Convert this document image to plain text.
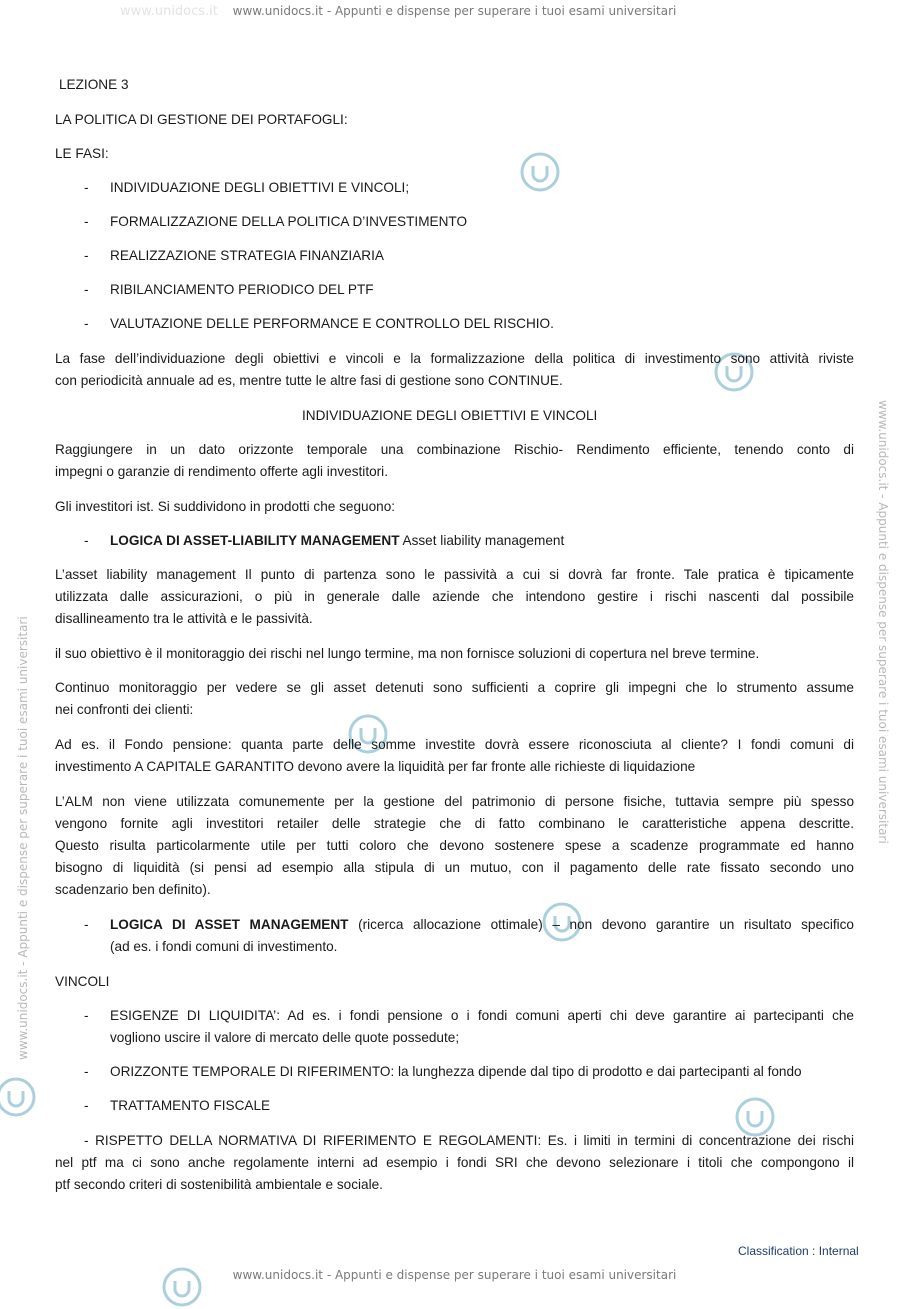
www.unidocs.it - Appunti e dispense per superare i tuoi esami universitari
www.unidocs.it - Appunti e dispense per superare i tuoi esami universitari
www.unidocs.it
www.unidocs.it - Appunti e dispense per superare i tuoi esami universitari	www.unidocs.it - Appunti e dispense per superare i tuoi esami universitari
LEZIONE 3
LA POLITICA DI GESTIONE DEI PORTAFOGLI:
LE FASI:
- INDIVIDUAZIONE DEGLI OBIETTIVI E VINCOLI;
- FORMALIZZAZIONE DELLA POLITICA D’INVESTIMENTO
- REALIZZAZIONE STRATEGIA FINANZIARIA
- RIBILANCIAMENTO PERIODICO DEL PTF
- VALUTAZIONE DELLE PERFORMANCE E CONTROLLO DEL RISCHIO.
La fase dell’individuazione degli obiettivi e vincoli e la formalizzazione della politica di investimento sono attività riviste
con periodicità annuale ad es, mentre tutte le altre fasi di gestione sono CONTINUE.
INDIVIDUAZIONE DEGLI OBIETTIVI E VINCOLI
Raggiungere in un dato orizzonte temporale una combinazione Rischio- Rendimento efficiente, tenendo conto di
impegni o garanzie di rendimento offerte agli investitori.
Gli investitori ist. Si suddividono in prodotti che seguono:
- LOGICA DI ASSET-LIABILITY MANAGEMENT Asset liability management
L’asset liability management Il punto di partenza sono le passività a cui si dovrà far fronte. Tale pratica è tipicamente
utilizzata dalle assicurazioni, o più in generale dalle aziende che intendono gestire i rischi nascenti dal possibile
disallineamento tra le attività e le passività.
il suo obiettivo è il monitoraggio dei rischi nel lungo termine, ma non fornisce soluzioni di copertura nel breve termine.
Continuo monitoraggio per vedere se gli asset detenuti sono sufficienti a coprire gli impegni che lo strumento assume
nei confronti dei clienti:
Ad es. il Fondo pensione: quanta parte delle somme investite dovrà essere riconosciuta al cliente? I fondi comuni di
investimento A CAPITALE GARANTITO devono avere la liquidità per far fronte alle richieste di liquidazione
L’ALM non viene utilizzata comunemente per la gestione del patrimonio di persone fisiche, tuttavia sempre più spesso
vengono fornite agli investitori retailer delle strategie che di fatto combinano le caratteristiche appena descritte.
Questo risulta particolarmente utile per tutti coloro che devono sostenere spese a scadenze programmate ed hanno
bisogno di liquidità (si pensi ad esempio alla stipula di un mutuo, con il pagamento delle rate fissato secondo uno
scadenzario ben definito).
- LOGICA DI ASSET MANAGEMENT (ricerca allocazione ottimale) – non devono garantire un risultato specifico
(ad es. i fondi comuni di investimento.
VINCOLI
- ESIGENZE DI LIQUIDITA’: Ad es. i fondi pensione o i fondi comuni aperti chi deve garantire ai partecipanti che
vogliono uscire il valore di mercato delle quote possedute;
- ORIZZONTE TEMPORALE DI RIFERIMENTO: la lunghezza dipende dal tipo di prodotto e dai partecipanti al fondo
- TRATTAMENTO FISCALE
- RISPETTO DELLA NORMATIVA DI RIFERIMENTO E REGOLAMENTI: Es. i limiti in termini di concentrazione dei rischi
nel ptf ma ci sono anche regolamente interni ad esempio i fondi SRI che devono selezionare i titoli che compongono il
ptf secondo criteri di sostenibilità ambientale e sociale.
Classification : Internal
